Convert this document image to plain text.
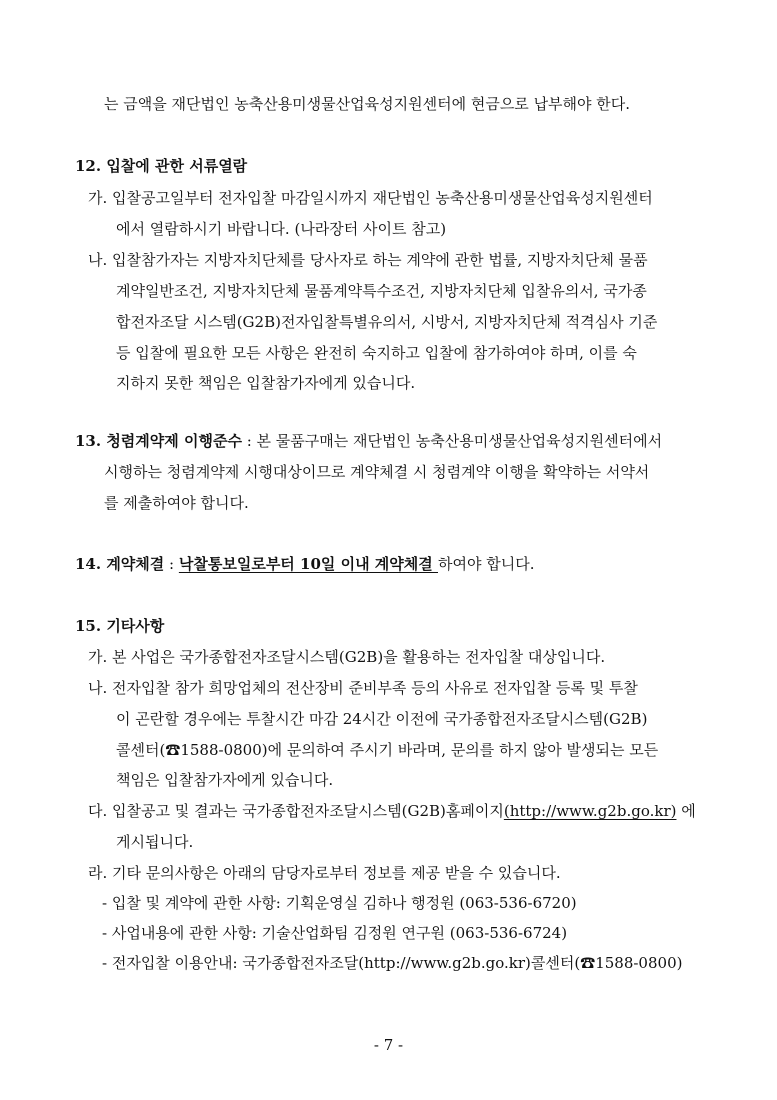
는 금액을 재단법인 농축산용미생물산업육성지원센터에 현금으로 납부해야 한다.
12. 입찰에 관한 서류열람
가. 입찰공고일부터 전자입찰 마감일시까지 재단법인 농축산용미생물산업육성지원센터
에서 열람하시기 바랍니다. (나라장터 사이트 참고)
나. 입찰참가자는 지방자치단체를 당사자로 하는 계약에 관한 법률, 지방자치단체 물품
계약일반조건, 지방자치단체 물품계약특수조건, 지방자치단체 입찰유의서, 국가종
합전자조달 시스템(G2B)전자입찰특별유의서, 시방서, 지방자치단체 적격심사 기준
등 입찰에 필요한 모든 사항은 완전히 숙지하고 입찰에 참가하여야 하며, 이를 숙
지하지 못한 책임은 입찰참가자에게 있습니다.
13. 청렴계약제 이행준수 : 본 물품구매는 재단법인 농축산용미생물산업육성지원센터에서
시행하는 청렴계약제 시행대상이므로 계약체결 시 청렴계약 이행을 확약하는 서약서
를 제출하여야 합니다.
14. 계약체결 : 낙찰통보일로부터 10일 이내 계약체결 하여야 합니다.
15. 기타사항
가. 본 사업은 국가종합전자조달시스템(G2B)을 활용하는 전자입찰 대상입니다.
나. 전자입찰 참가 희망업체의 전산장비 준비부족 등의 사유로 전자입찰 등록 및 투찰
이 곤란할 경우에는 투찰시간 마감 24시간 이전에 국가종합전자조달시스템(G2B)
콜센터(☎1588-0800)에 문의하여 주시기 바라며, 문의를 하지 않아 발생되는 모든
책임은 입찰참가자에게 있습니다.
다. 입찰공고 및 결과는 국가종합전자조달시스템(G2B)홈페이지(http://www.g2b.go.kr) 에
게시됩니다.
라. 기타 문의사항은 아래의 담당자로부터 정보를 제공 받을 수 있습니다.
- 입찰 및 계약에 관한 사항: 기획운영실 김하나 행정원 (063-536-6720)
- 사업내용에 관한 사항: 기술산업화팀 김정원 연구원 (063-536-6724)
- 전자입찰 이용안내: 국가종합전자조달(http://www.g2b.go.kr)콜센터(☎1588-0800)
- 7 -
